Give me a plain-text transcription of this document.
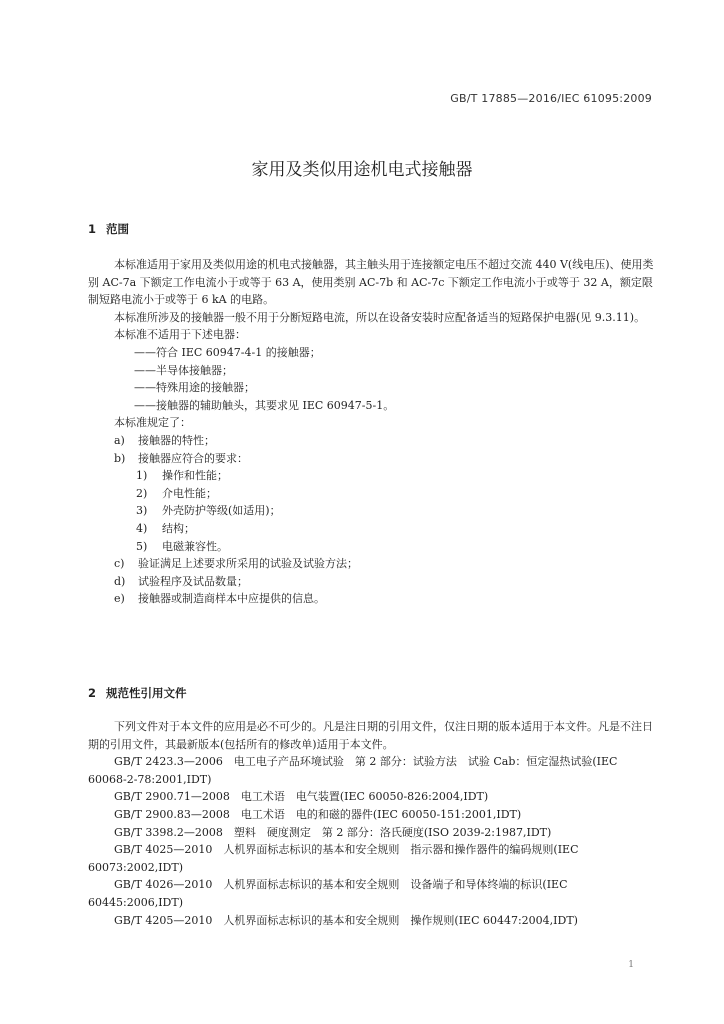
GB/T 17885—2016/IEC 61095:2009
家用及类似用途机电式接触器
1 范围

本标准适用于家用及类似用途的机电式接触器，其主触头用于连接额定电压不超过交流 440 V(线电压)、使用类别 AC-7a 下额定工作电流小于或等于 63 A，使用类别 AC-7b 和 AC-7c 下额定工作电流小于或等于 32 A，额定限制短路电流小于或等于 6 kA 的电路。

本标准所涉及的接触器一般不用于分断短路电流，所以在设备安装时应配备适当的短路保护电器(见 9.3.11)。

本标准不适用于下述电器：

——符合 IEC 60947-4-1 的接触器；

——半导体接触器；

——特殊用途的接触器；

——接触器的辅助触头，其要求见 IEC 60947-5-1。

本标准规定了：

a) 接触器的特性；

b) 接触器应符合的要求：

1) 操作和性能；

2) 介电性能；

3) 外壳防护等级(如适用)；

4) 结构；

5) 电磁兼容性。

c) 验证满足上述要求所采用的试验及试验方法；

d) 试验程序及试品数量；

e) 接触器或制造商样本中应提供的信息。

2 规范性引用文件

下列文件对于本文件的应用是必不可少的。凡是注日期的引用文件，仅注日期的版本适用于本文件。凡是不注日期的引用文件，其最新版本(包括所有的修改单)适用于本文件。

GB/T 2423.3—2006　电工电子产品环境试验　第 2 部分：试验方法　试验 Cab：恒定湿热试验(IEC 60068-2-78:2001,IDT)

GB/T 2900.71—2008　电工术语　电气装置(IEC 60050-826:2004,IDT)

GB/T 2900.83—2008　电工术语　电的和磁的器件(IEC 60050-151:2001,IDT)

GB/T 3398.2—2008　塑料　硬度测定　第 2 部分：洛氏硬度(ISO 2039-2:1987,IDT)

GB/T 4025—2010　人机界面标志标识的基本和安全规则　指示器和操作器件的编码规则(IEC 60073:2002,IDT)

GB/T 4026—2010　人机界面标志标识的基本和安全规则　设备端子和导体终端的标识(IEC 60445:2006,IDT)

GB/T 4205—2010　人机界面标志标识的基本和安全规则　操作规则(IEC 60447:2004,IDT)

1
